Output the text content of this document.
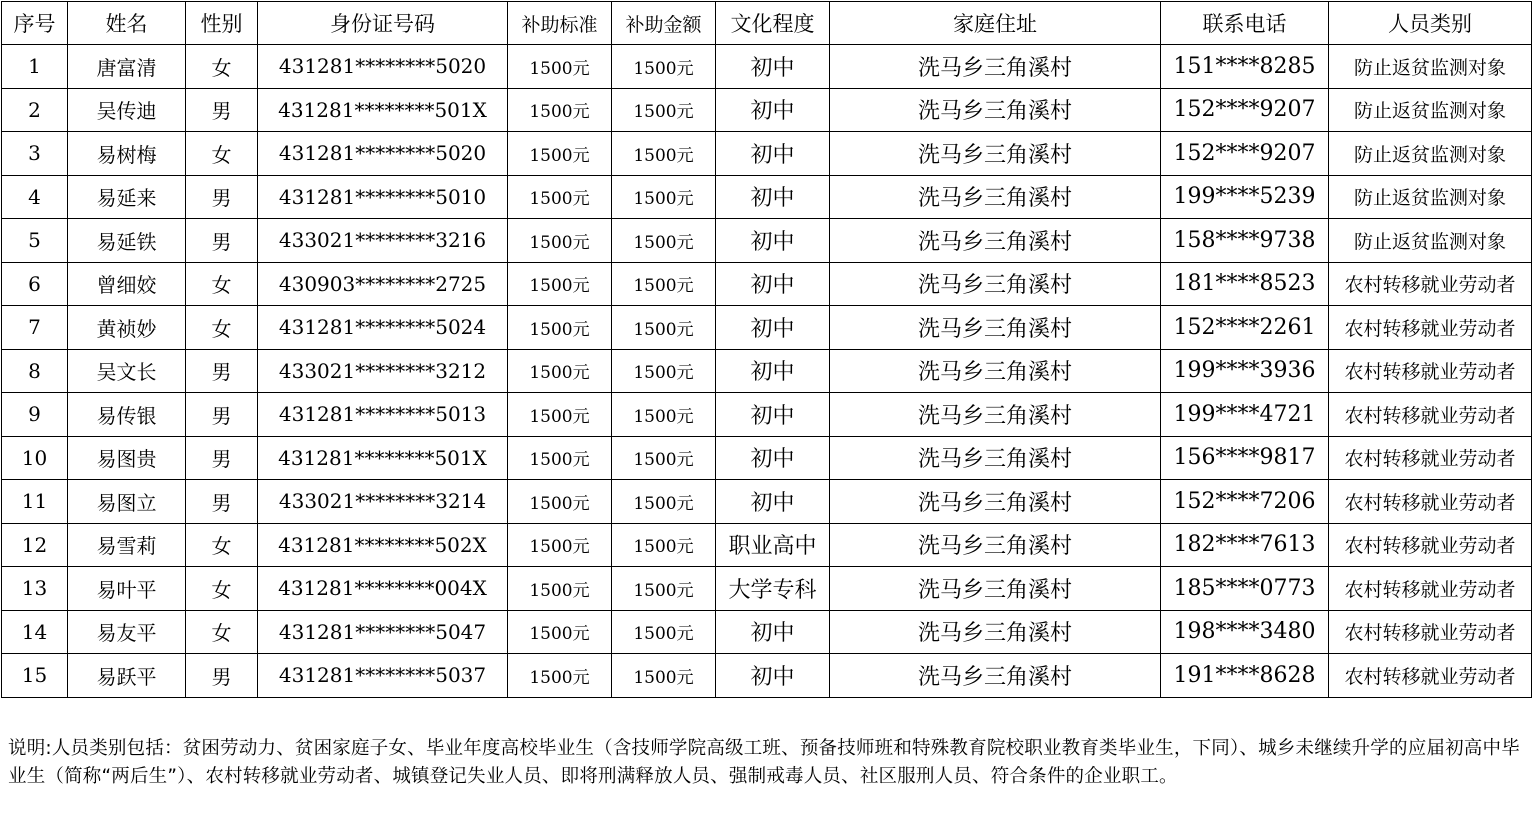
序号	姓名	性别	身份证号码	补助标准	补助金额	文化程度	家庭住址	联系电话	人员类别
1	唐富清	女	431281********5020	1500元	1500元	初中	洗马乡三角溪村	151****8285	防止返贫监测对象
2	吴传迪	男	431281********501X	1500元	1500元	初中	洗马乡三角溪村	152****9207	防止返贫监测对象
3	易树梅	女	431281********5020	1500元	1500元	初中	洗马乡三角溪村	152****9207	防止返贫监测对象
4	易延来	男	431281********5010	1500元	1500元	初中	洗马乡三角溪村	199****5239	防止返贫监测对象
5	易延铁	男	433021********3216	1500元	1500元	初中	洗马乡三角溪村	158****9738	防止返贫监测对象
6	曾细姣	女	430903********2725	1500元	1500元	初中	洗马乡三角溪村	181****8523	农村转移就业劳动者
7	黄祯妙	女	431281********5024	1500元	1500元	初中	洗马乡三角溪村	152****2261	农村转移就业劳动者
8	吴文长	男	433021********3212	1500元	1500元	初中	洗马乡三角溪村	199****3936	农村转移就业劳动者
9	易传银	男	431281********5013	1500元	1500元	初中	洗马乡三角溪村	199****4721	农村转移就业劳动者
10	易图贵	男	431281********501X	1500元	1500元	初中	洗马乡三角溪村	156****9817	农村转移就业劳动者
11	易图立	男	433021********3214	1500元	1500元	初中	洗马乡三角溪村	152****7206	农村转移就业劳动者
12	易雪莉	女	431281********502X	1500元	1500元	职业高中	洗马乡三角溪村	182****7613	农村转移就业劳动者
13	易叶平	女	431281********004X	1500元	1500元	大学专科	洗马乡三角溪村	185****0773	农村转移就业劳动者
14	易友平	女	431281********5047	1500元	1500元	初中	洗马乡三角溪村	198****3480	农村转移就业劳动者
15	易跃平	男	431281********5037	1500元	1500元	初中	洗马乡三角溪村	191****8628	农村转移就业劳动者
说明:人员类别包括：贫困劳动力、贫困家庭子女、毕业年度高校毕业生（含技师学院高级工班、预备技师班和特殊教育院校职业教育类毕业生，下同）、城乡未继续升学的应届初高中毕业生（简称“两后生”）、农村转移就业劳动者、城镇登记失业人员、即将刑满释放人员、强制戒毒人员、社区服刑人员、符合条件的企业职工。
